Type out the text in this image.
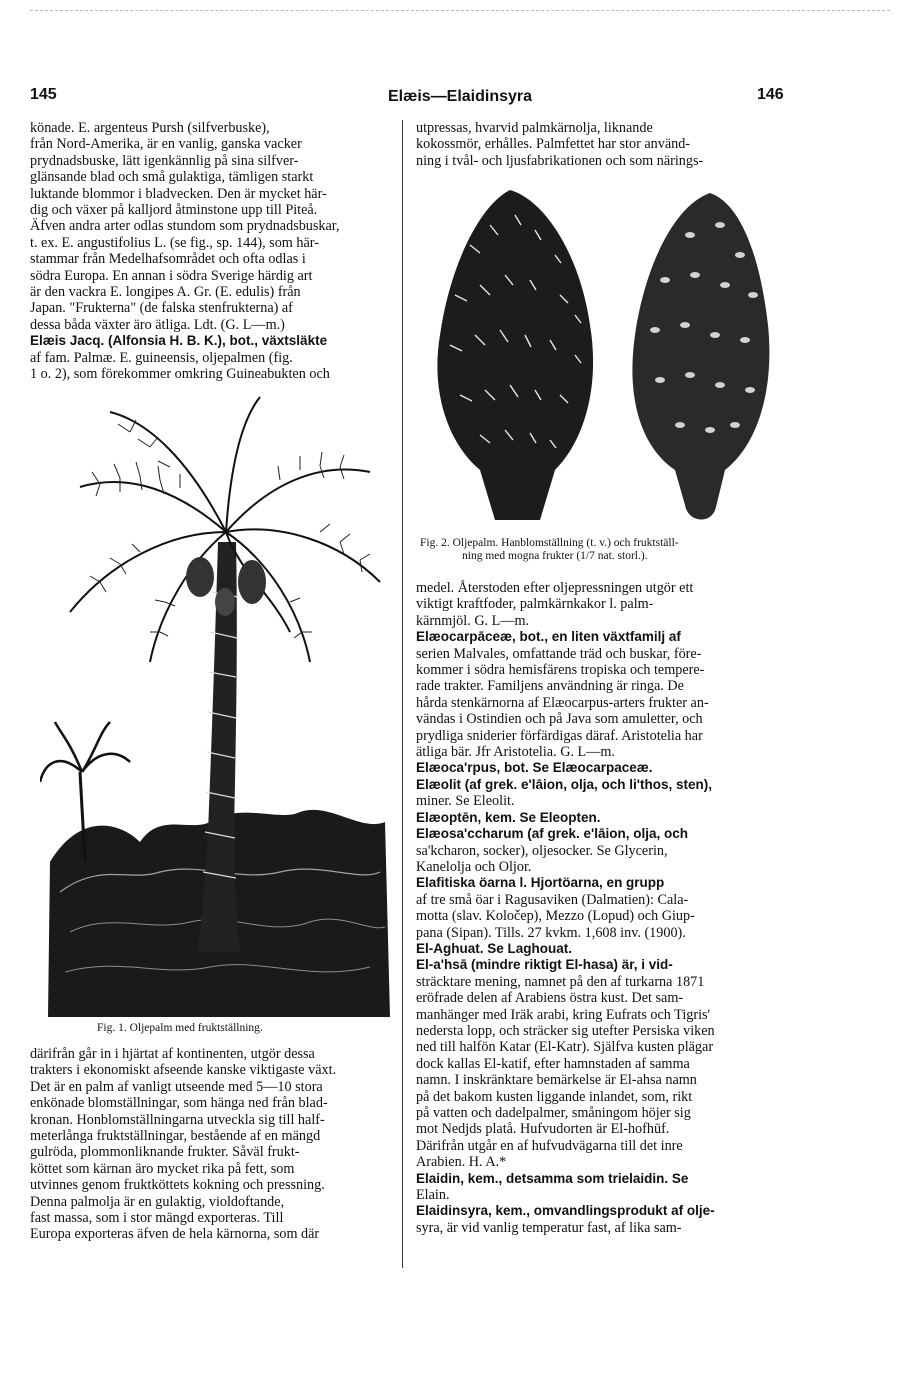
145	Elæis—Elaidinsyra	146

könade. E. argenteus Pursh (silfverbuske),

från Nord-Amerika, är en vanlig, ganska vacker

prydnadsbuske, lätt igenkännlig på sina silfver-

glänsande blad och små gulaktiga, tämligen starkt

luktande blommor i bladvecken. Den är mycket här-

dig och växer på kalljord åtminstone upp till Piteå.

Äfven andra arter odlas stundom som prydnadsbuskar,

t. ex. E. angustifolius L. (se fig., sp. 144), som här-

stammar från Medelhafsområdet och ofta odlas i

södra Europa. En annan i södra Sverige härdig art

är den vackra E. longipes A. Gr. (E. edulis) från

Japan. "Frukterna" (de falska stenfrukterna) af

dessa båda växter äro ätliga. Ldt. (G. L—m.)

Elæis Jacq. (Alfonsia H. B. K.), bot., växtsläkte

af fam. Palmæ. E. guineensis, oljepalmen (fig.

1 o. 2), som förekommer omkring Guineabukten och

Fig. 1. Oljepalm med fruktställning.

därifrån går in i hjärtat af kontinenten, utgör dessa

trakters i ekonomiskt afseende kanske viktigaste växt.

Det är en palm af vanligt utseende med 5—10 stora

enkönade blomställningar, som hänga ned från blad-

kronan. Honblomställningarna utveckla sig till half-

meterlånga fruktställningar, bestående af en mängd

gulröda, plommonliknande frukter. Såväl frukt-

köttet som kärnan äro mycket rika på fett, som

utvinnes genom fruktköttets kokning och pressning.

Denna palmolja är en gulaktig, violdoftande,

fast massa, som i stor mängd exporteras. Till

Europa exporteras äfven de hela kärnorna, som där

utpressas, hvarvid palmkärnolja, liknande

kokossmör, erhålles. Palmfettet har stor använd-

ning i tvål- och ljusfabrikationen och som närings-

Fig. 2. Oljepalm. Hanblomställning (t. v.) och fruktställ-
ning med mogna frukter (1/7 nat. storl.).

medel. Återstoden efter oljepressningen utgör ett

viktigt kraftfoder, palmkärnkakor l. palm-

kärnmjöl. G. L—m.

Elæocarpāceæ, bot., en liten växtfamilj af

serien Malvales, omfattande träd och buskar, före-

kommer i södra hemisfärens tropiska och tempere-

rade trakter. Familjens användning är ringa. De

hårda stenkärnorna af Elæocarpus-arters frukter an-

vändas i Ostindien och på Java som amuletter, och

prydliga sniderier förfärdigas däraf. Aristotelia har

ätliga bär. Jfr Aristotelia. G. L—m.

Elæoca'rpus, bot. Se Elæocarpaceæ.

Elæolit (af grek. e'lāion, olja, och li'thos, sten),

miner. Se Eleolit.

Elæoptēn, kem. Se Eleopten.

Elæosa'ccharum (af grek. e'lāion, olja, och

sa'kcharon, socker), oljesocker. Se Glycerin,

Kanelolja och Oljor.

Elafitiska öarna l. Hjortöarna, en grupp

af tre små öar i Ragusaviken (Dalmatien): Cala-

motta (slav. Koločep), Mezzo (Lopud) och Giup-

pana (Sipan). Tills. 27 kvkm. 1,608 inv. (1900).

El-Aghuat. Se Laghouat.

El-a'hsā (mindre riktigt El-hasa) är, i vid-

sträcktare mening, namnet på den af turkarna 1871

eröfrade delen af Arabiens östra kust. Det sam-

manhänger med Iräk arabi, kring Eufrats och Tigris'

nedersta lopp, och sträcker sig utefter Persiska viken

ned till halfön Katar (El-Katr). Själfva kusten plägar

dock kallas El-katif, efter hamnstaden af samma

namn. I inskränktare bemärkelse är El-ahsa namn

på det bakom kusten liggande inlandet, som, rikt

på vatten och dadelpalmer, småningom höjer sig

mot Nedjds platå. Hufvudorten är El-hofhūf.

Därifrån utgår en af hufvudvägarna till det inre

Arabien. H. A.*

Elaidin, kem., detsamma som trielaidin. Se

Elain.

Elaidinsyra, kem., omvandlingsprodukt af olje-

syra, är vid vanlig temperatur fast, af lika sam-
